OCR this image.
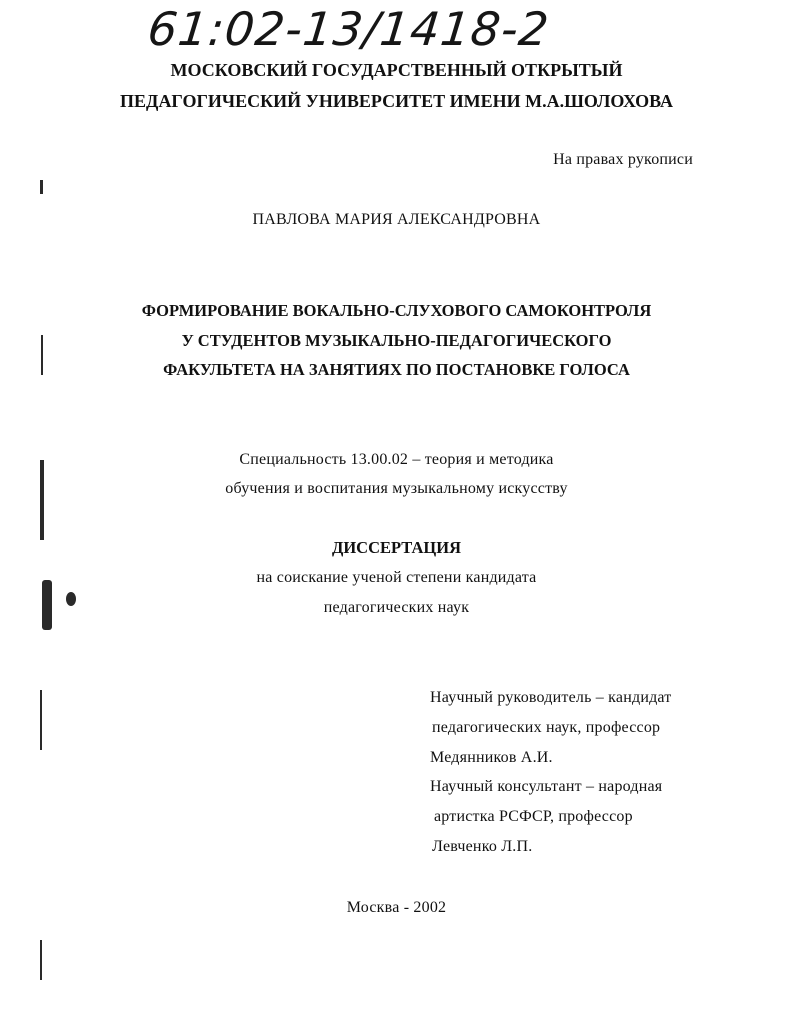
61:02-13/1418-2
МОСКОВСКИЙ ГОСУДАРСТВЕННЫЙ ОТКРЫТЫЙ
ПЕДАГОГИЧЕСКИЙ УНИВЕРСИТЕТ ИМЕНИ М.А.ШОЛОХОВА
На правах рукописи
ПАВЛОВА МАРИЯ АЛЕКСАНДРОВНА
ФОРМИРОВАНИЕ ВОКАЛЬНО-СЛУХОВОГО САМОКОНТРОЛЯ
У СТУДЕНТОВ МУЗЫКАЛЬНО-ПЕДАГОГИЧЕСКОГО
ФАКУЛЬТЕТА НА ЗАНЯТИЯХ ПО ПОСТАНОВКЕ ГОЛОСА
Специальность 13.00.02 – теория и методика
обучения и воспитания музыкальному искусству
ДИССЕРТАЦИЯ
на соискание ученой степени кандидата
педагогических наук
Научный руководитель – кандидат
педагогических наук, профессор
Медянников А.И.
Научный консультант – народная
артистка РСФСР, профессор
Левченко Л.П.
Москва - 2002
